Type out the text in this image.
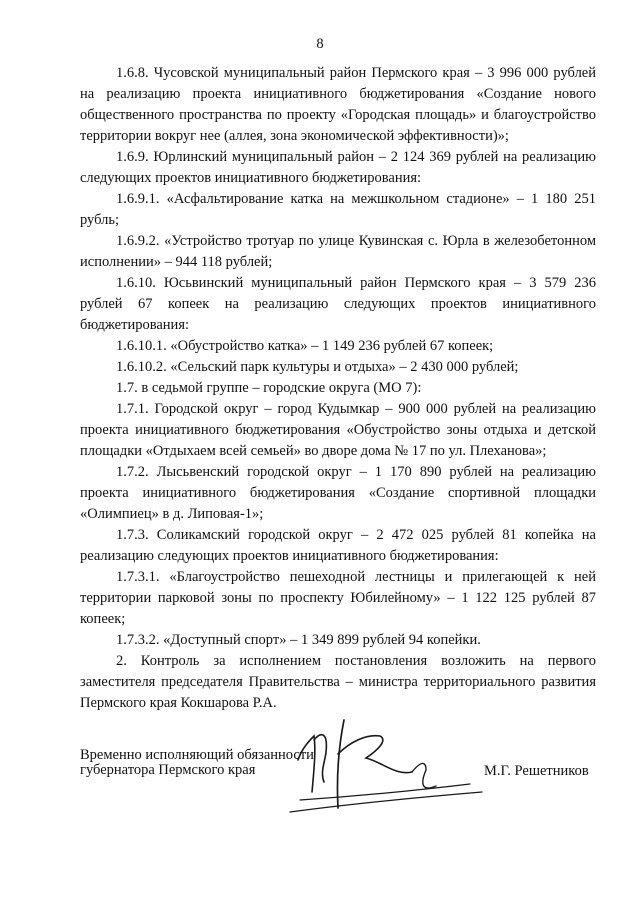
8

1.6.8. Чусовской муниципальный район Пермского края – 3 996 000 рублей на реализацию проекта инициативного бюджетирования «Создание нового общественного пространства по проекту «Городская площадь» и благоустройство территории вокруг нее (аллея, зона экономической эффективности)»;

1.6.9. Юрлинский муниципальный район – 2 124 369 рублей на реализацию следующих проектов инициативного бюджетирования:

1.6.9.1. «Асфальтирование катка на межшкольном стадионе» – 1 180 251 рубль;

1.6.9.2. «Устройство тротуар по улице Кувинская с. Юрла в железобетонном исполнении» – 944 118 рублей;

1.6.10. Юсьвинский муниципальный район Пермского края – 3 579 236 рублей 67 копеек на реализацию следующих проектов инициативного бюджетирования:

1.6.10.1. «Обустройство катка» – 1 149 236 рублей 67 копеек;

1.6.10.2. «Сельский парк культуры и отдыха» – 2 430 000 рублей;

1.7. в седьмой группе – городские округа (МО 7):

1.7.1. Городской округ – город Кудымкар – 900 000 рублей на реализацию проекта инициативного бюджетирования «Обустройство зоны отдыха и детской площадки «Отдыхаем всей семьей» во дворе дома № 17 по ул. Плеханова»;

1.7.2. Лысьвенский городской округ – 1 170 890 рублей на реализацию проекта инициативного бюджетирования «Создание спортивной площадки «Олимпиец» в д. Липовая-1»;

1.7.3. Соликамский городской округ – 2 472 025 рублей 81 копейка на реализацию следующих проектов инициативного бюджетирования:

1.7.3.1. «Благоустройство пешеходной лестницы и прилегающей к ней территории парковой зоны по проспекту Юбилейному» – 1 122 125 рублей 87 копеек;

1.7.3.2. «Доступный спорт» – 1 349 899 рублей 94 копейки.

2. Контроль за исполнением постановления возложить на первого заместителя председателя Правительства – министра территориального развития Пермского края Кокшарова Р.А.

Временно исполняющий обязанности
губернатора Пермского края	М.Г. Решетников
